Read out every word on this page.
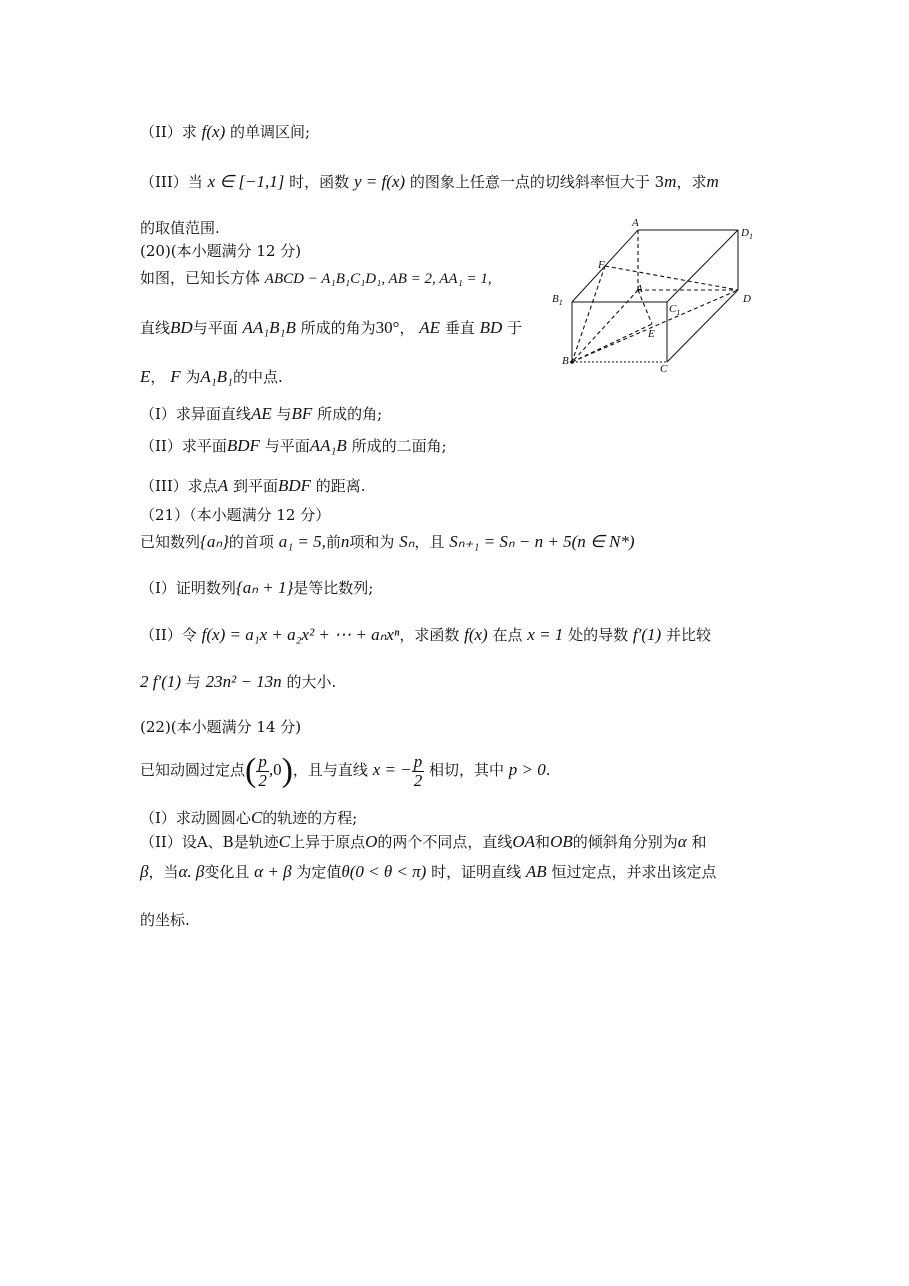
（II）求 f(x) 的单调区间;
（III）当 x ∈ [−1,1] 时，函数 y = f(x) 的图象上任意一点的切线斜率恒大于 3m，求m
的取值范围.
(20)(本小题满分 12 分)
如图，已知长方体 ABCD − A₁B₁C₁D₁, AB = 2, AA₁ = 1,
直线BD与平面 AA₁B₁B 所成的角为30°， AE 垂直 BD 于
E， F 为A₁B₁的中点.
（I）求异面直线AE 与BF 所成的角;
（II）求平面BDF 与平面AA₁B 所成的二面角;
（III）求点A 到平面BDF 的距离.
A
$D_1$
F
A
$C_1$
D
$B_1$
E
B
C
（21）（本小题满分 12 分）
已知数列{aₙ}的首项 a₁ = 5,前n项和为 Sₙ，且 Sₙ₊₁ = Sₙ − n + 5(n ∈ N*)
（I）证明数列{aₙ + 1}是等比数列;
（II）令 f(x) = a₁x + a₂x² + ⋯ + aₙxⁿ，求函数 f(x) 在点 x = 1 处的导数 f′(1) 并比较
2 f′(1) 与 23n² − 13n 的大小.
(22)(本小题满分 14 分)
已知动圆过定点( $\frac{p}{2} ,0$)，且与直线 x = − $\frac{p}{2}$ 相切，其中 p > 0.
（I）求动圆圆心C的轨迹的方程;
（II）设A、B是轨迹C上异于原点O的两个不同点，直线OA和OB的倾斜角分别为α 和
β，当α. β变化且 α + β 为定值θ(0 < θ < π) 时，证明直线 AB 恒过定点，并求出该定点
的坐标.
